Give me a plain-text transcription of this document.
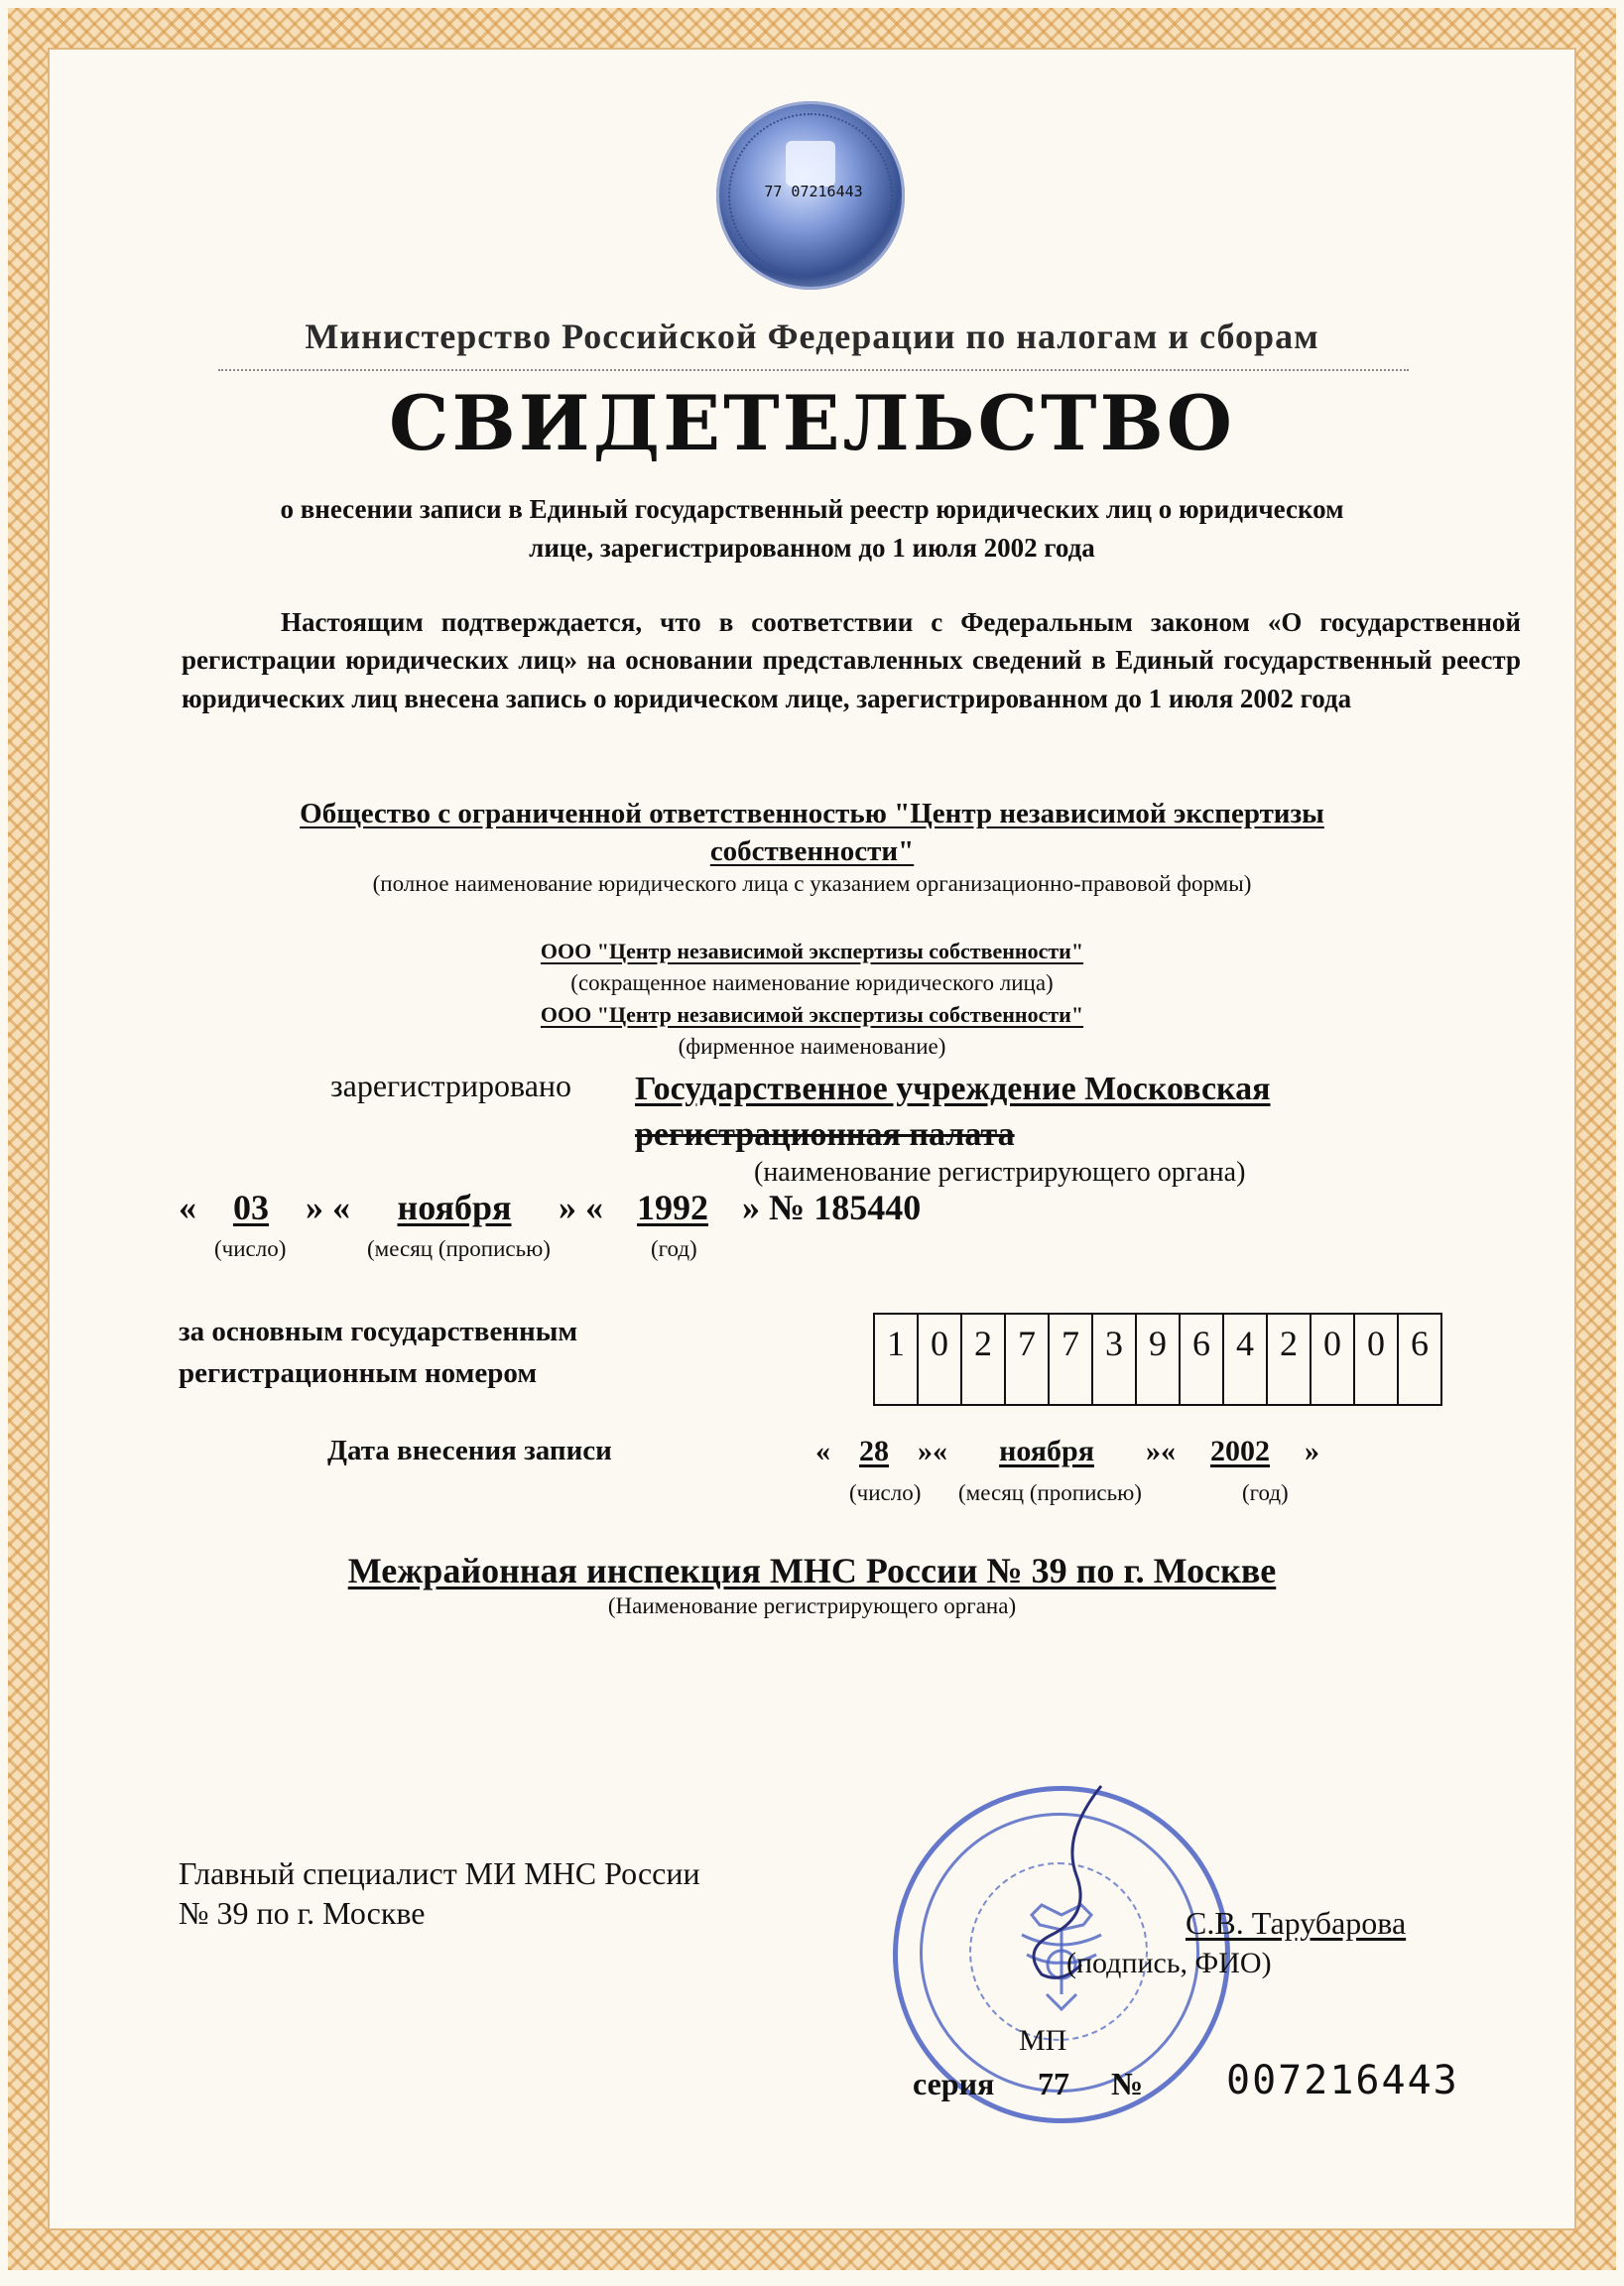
77 07216443
Министерство Российской Федерации по налогам и сборам
СВИДЕТЕЛЬСТВО
о внесении записи в Единый государственный реестр юридических лиц о юридическом
лице, зарегистрированном до 1 июля 2002 года
Настоящим подтверждается, что в соответствии с Федеральным законом «О государственной регистрации юридических лиц» на основании представленных сведений в Единый государственный реестр юридических лиц внесена запись о юридическом лице, зарегистрированном до 1 июля 2002 года
Общество с ограниченной ответственностью "Центр независимой экспертизы
собственности"
(полное наименование юридического лица с указанием организационно-правовой формы)
ООО "Центр независимой экспертизы собственности"
(сокращенное наименование юридического лица)
ООО "Центр независимой экспертизы собственности"
(фирменное наименование)
зарегистрировано Государственное учреждение Московская
регистрационная палата
(наименование регистрирующего органа)
« 03 » « ноября » « 1992 » № 185440
(число)	(месяц (прописью)	(год)
за основным государственным
регистрационным номером
1 0 2 7 7 3 9 6 4 2 0 0 6
Дата внесения записи	« 28 »« ноября »« 2002 »
(число) (месяц (прописью)	(год)
Межрайонная инспекция МНС России № 39 по г. Москве
(Наименование регистрирующего органа)
Главный специалист МИ МНС России
№ 39 по г. Москве	С.В. Тарубарова
(подпись, ФИО)
МП
серия 77 № 007216443
